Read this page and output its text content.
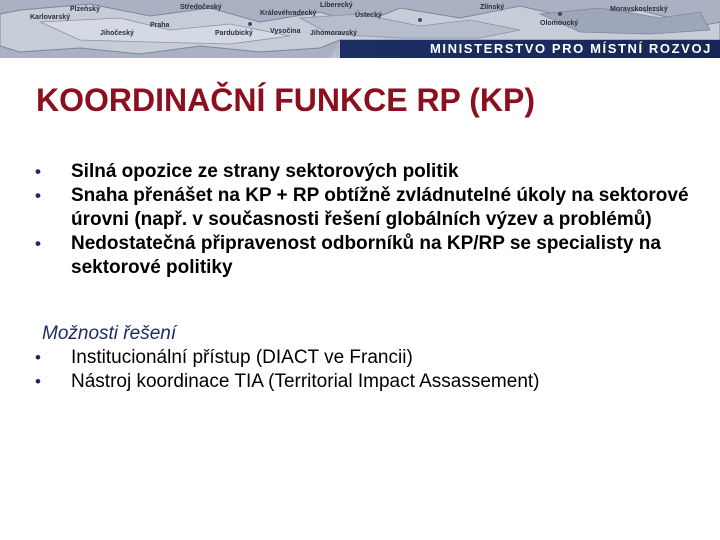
Plzeňský	Středočeský
Praha
Královéhradecký
Pardubický Vysočina
Liberecký
Ústecký
Karlovarský
Jihočeský	Jihomoravský
Zlínský
Olomoucký
Moravskoslezský
MINISTERSTVO PRO MÍSTNÍ ROZVOJ
KOORDINAČNÍ FUNKCE RP (KP)
•	Silná opozice ze strany sektorových politik
•	Snaha přenášet na KP + RP obtížně zvládnutelné úkoly na sektorové úrovni (např. v současnosti řešení globálních výzev a problémů)
•	Nedostatečná připravenost odborníků na KP/RP se specialisty na sektorové politiky
Možnosti řešení
•	Institucionální přístup (DIACT ve Francii)
•	Nástroj koordinace TIA (Territorial Impact Assassement)
